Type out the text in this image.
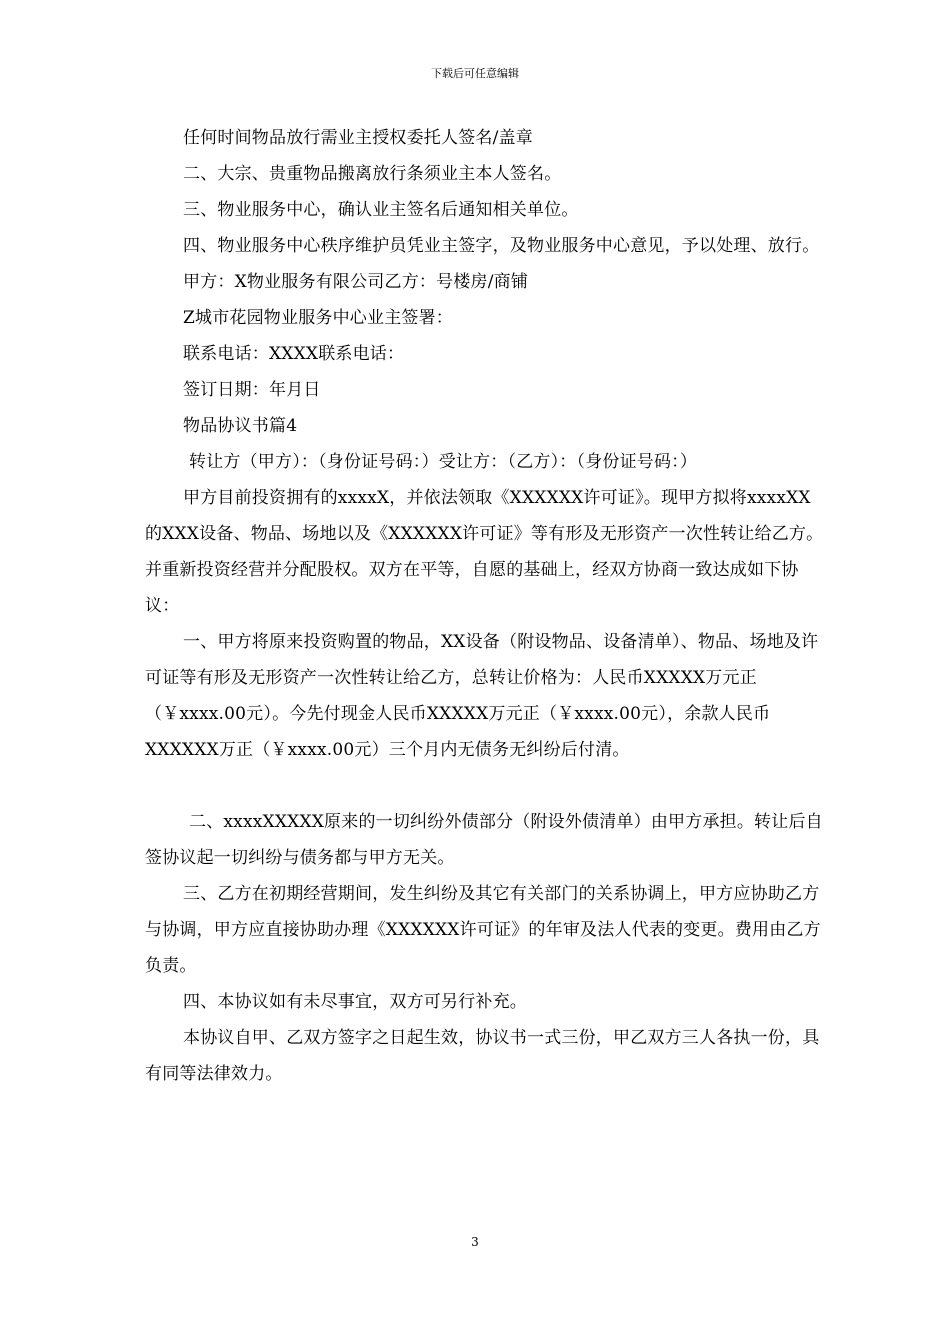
下载后可任意编辑

任何时间物品放行需业主授权委托人签名/盖章

二、大宗、贵重物品搬离放行条须业主本人签名。

三、物业服务中心，确认业主签名后通知相关单位。

四、物业服务中心秩序维护员凭业主签字，及物业服务中心意见，予以处理、放行。

甲方：X物业服务有限公司乙方：号楼房/商铺

Z城市花园物业服务中心业主签署：

联系电话：XXXX联系电话：

签订日期：年月日

物品协议书篇4

转让方（甲方）：（身份证号码：）受让方：（乙方）：（身份证号码：）

甲方目前投资拥有的xxxxX，并依法领取《XXXXXX许可证》。现甲方拟将xxxxXX的XXX设备、物品、场地以及《XXXXXX许可证》等有形及无形资产一次性转让给乙方。并重新投资经营并分配股权。双方在平等，自愿的基础上，经双方协商一致达成如下协议：

一、甲方将原来投资购置的物品，XX设备（附设物品、设备清单）、物品、场地及许可证等有形及无形资产一次性转让给乙方，总转让价格为：人民币XXXXX万元正（￥xxxx.00元）。今先付现金人民币XXXXX万元正（￥xxxx.00元），余款人民币XXXXXX万正（￥xxxx.00元）三个月内无债务无纠纷后付清。

二、xxxxXXXXX原来的一切纠纷外债部分（附设外债清单）由甲方承担。转让后自签协议起一切纠纷与债务都与甲方无关。

三、乙方在初期经营期间，发生纠纷及其它有关部门的关系协调上，甲方应协助乙方与协调，甲方应直接协助办理《XXXXXX许可证》的年审及法人代表的变更。费用由乙方负责。

四、本协议如有未尽事宜，双方可另行补充。

本协议自甲、乙双方签字之日起生效，协议书一式三份，甲乙双方三人各执一份，具有同等法律效力。

3
